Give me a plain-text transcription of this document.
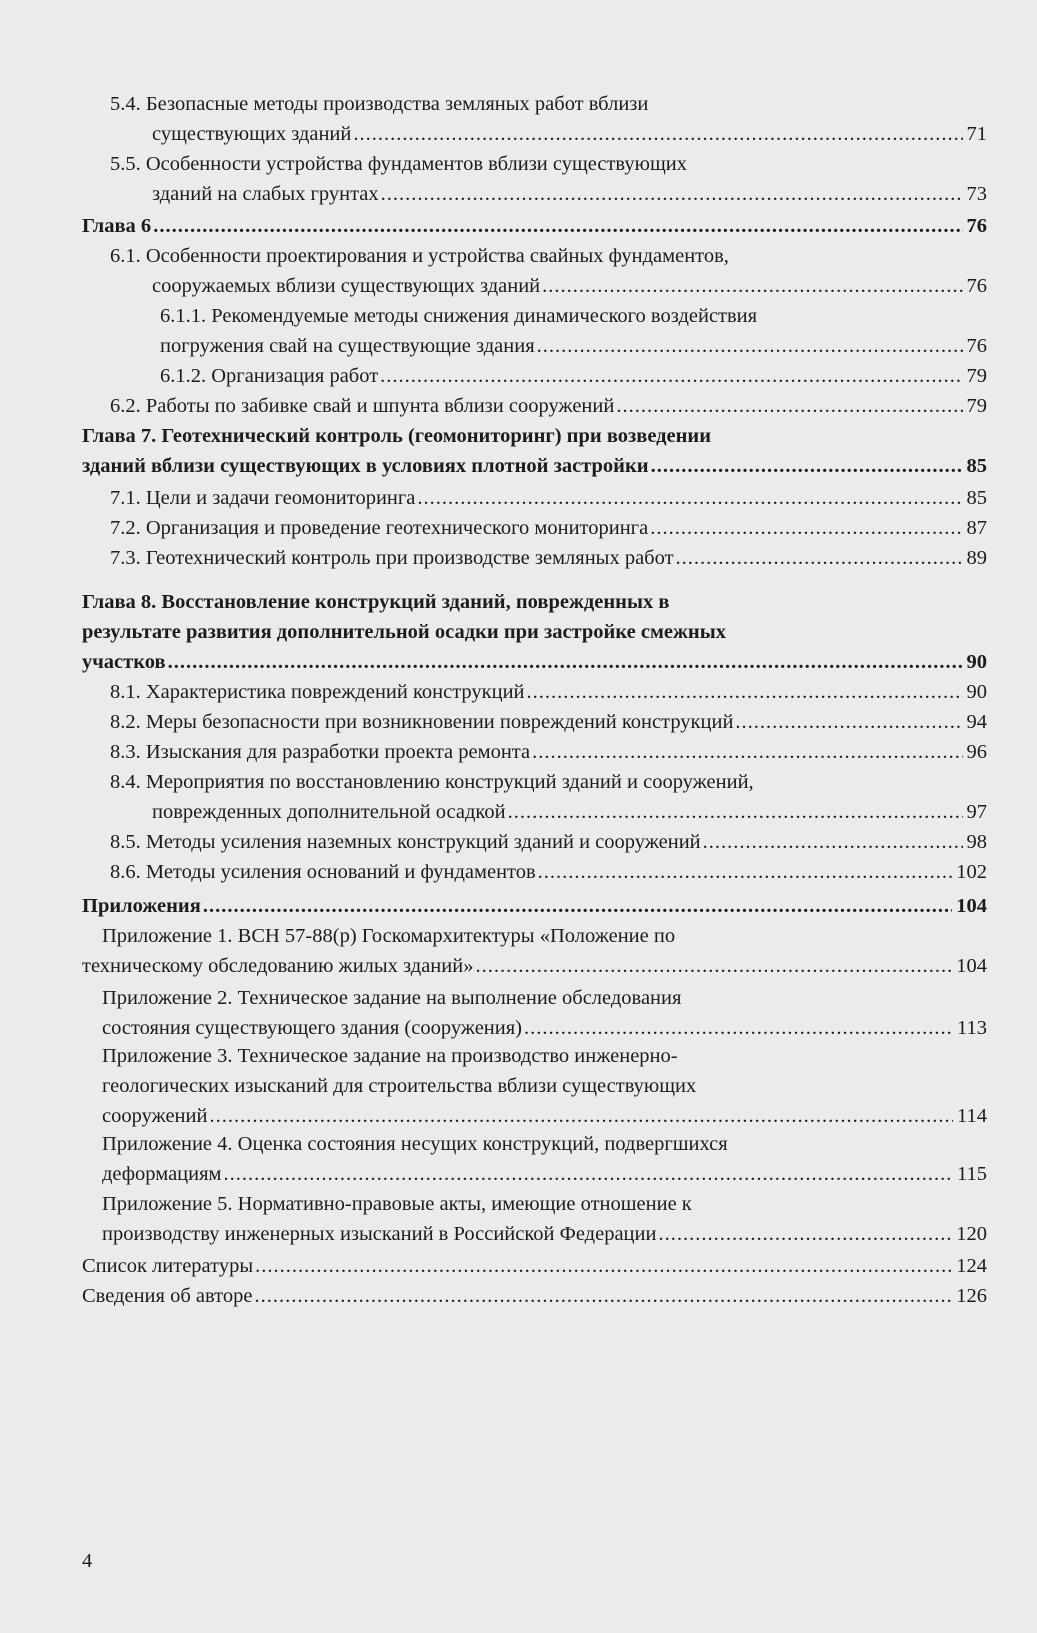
5.4. Безопасные методы производства земляных работ вблизи
существующих зданий .....	71
5.5. Особенности устройства фундаментов вблизи существующих
зданий на слабых грунтах .....	73
Глава 6 .....	76
6.1. Особенности проектирования и устройства свайных фундаментов,
сооружаемых вблизи существующих зданий .....	76
6.1.1. Рекомендуемые методы снижения динамического воздействия
погружения свай на существующие здания .....	76
6.1.2. Организация работ .....	79
6.2. Работы по забивке свай и шпунта вблизи сооружений .....	79
Глава 7. Геотехнический контроль (геомониторинг) при возведении
зданий вблизи существующих в условиях плотной застройки .....	85
7.1. Цели и задачи геомониторинга .....	85
7.2. Организация и проведение геотехнического мониторинга .....	87
7.3. Геотехнический контроль при производстве земляных работ .....	89
Глава 8. Восстановление конструкций зданий, поврежденных в
результате развития дополнительной осадки при застройке смежных
участков .....	90
8.1. Характеристика повреждений конструкций .....	90
8.2. Меры безопасности при возникновении повреждений конструкций .....	94
8.3. Изыскания для разработки проекта ремонта .....	96
8.4. Мероприятия по восстановлению конструкций зданий и сооружений,
поврежденных дополнительной осадкой .....	97
8.5. Методы усиления наземных конструкций зданий и сооружений .....	98
8.6. Методы усиления оснований и фундаментов .....	102
Приложения .....	104
Приложение 1. ВСН 57-88(р) Госкомархитектуры «Положение по
техническому обследованию жилых зданий» .....	104
Приложение 2. Техническое задание на выполнение обследования
состояния существующего здания (сооружения) .....	113
Приложение 3. Техническое задание на производство инженерно-
геологических изысканий для строительства вблизи существующих
сооружений .....	114
Приложение 4. Оценка состояния несущих конструкций, подвергшихся
деформациям .....	115
Приложение 5. Нормативно-правовые акты, имеющие отношение к
производству инженерных изысканий в Российской Федерации .....	120
Список литературы .....	124
Сведения об авторе .....	126
4
